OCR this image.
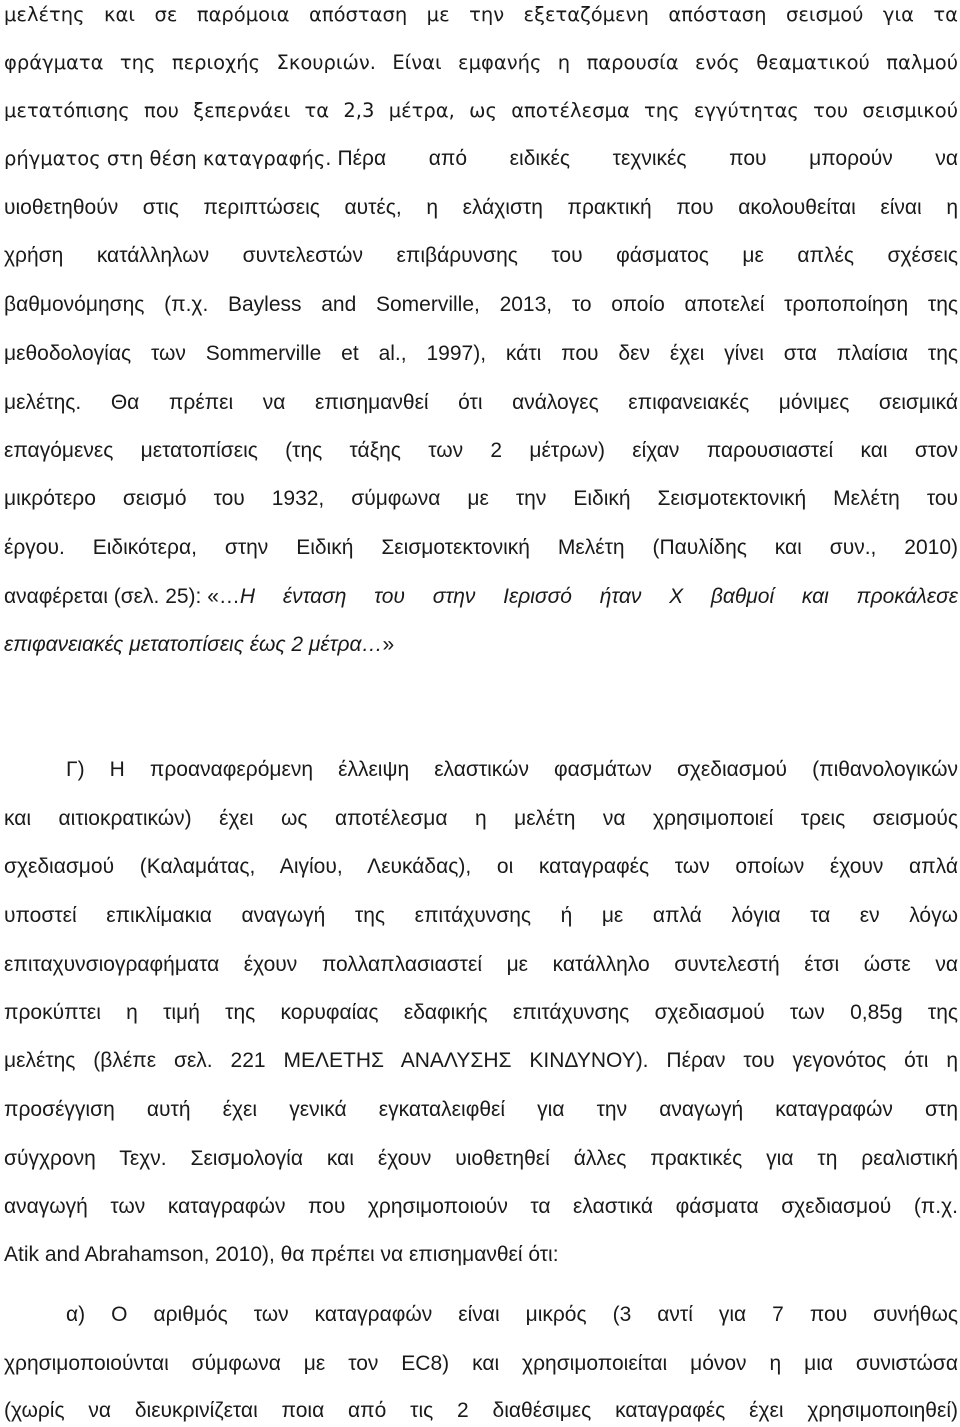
μελέτης και σε παρόμοια απόσταση με την εξεταζόμενη απόσταση σεισμού για τα
φράγματα της περιοχής Σκουριών. Είναι εμφανής η παρουσία ενός θεαματικού παλμού
μετατόπισης που ξεπερνάει τα 2,3 μέτρα, ως αποτέλεσμα της εγγύτητας του σεισμικού
ρήγματος στη θέση καταγραφής. Πέρα από ειδικές τεχνικές που μπορούν να
υιοθετηθούν στις περιπτώσεις αυτές, η ελάχιστη πρακτική που ακολουθείται είναι η
χρήση κατάλληλων συντελεστών επιβάρυνσης του φάσματος με απλές σχέσεις
βαθμονόμησης (π.χ. Bayless and Somerville, 2013, το οποίο αποτελεί τροποποίηση της
μεθοδολογίας των Sommerville et al., 1997), κάτι που δεν έχει γίνει στα πλαίσια της
μελέτης. Θα πρέπει να επισημανθεί ότι ανάλογες επιφανειακές μόνιμες σεισμικά
επαγόμενες μετατοπίσεις (της τάξης των 2 μέτρων) είχαν παρουσιαστεί και στον
μικρότερο σεισμό του 1932, σύμφωνα με την Ειδική Σεισμοτεκτονική Μελέτη του
έργου. Ειδικότερα, στην Ειδική Σεισμοτεκτονική Μελέτη (Παυλίδης και συν., 2010)
αναφέρεται (σελ. 25): «… Η ένταση του στην Ιερισσό ήταν Χ βαθμοί και προκάλεσε
επιφανειακές μετατοπίσεις έως 2 μέτρα…»
Γ) Η προαναφερόμενη έλλειψη ελαστικών φασμάτων σχεδιασμού (πιθανολογικών
και αιτιοκρατικών) έχει ως αποτέλεσμα η μελέτη να χρησιμοποιεί τρεις σεισμούς
σχεδιασμού (Καλαμάτας, Αιγίου, Λευκάδας), οι καταγραφές των οποίων έχουν απλά
υποστεί επικλίμακια αναγωγή της επιτάχυνσης ή με απλά λόγια τα εν λόγω
επιταχυνσιογραφήματα έχουν πολλαπλασιαστεί με κατάλληλο συντελεστή έτσι ώστε να
προκύπτει η τιμή της κορυφαίας εδαφικής επιτάχυνσης σχεδιασμού των 0,85g της
μελέτης (βλέπε σελ. 221 ΜΕΛΕΤΗΣ ΑΝΑΛΥΣΗΣ ΚΙΝΔΥΝΟΥ). Πέραν του γεγονότος ότι η
προσέγγιση αυτή έχει γενικά εγκαταλειφθεί για την αναγωγή καταγραφών στη
σύγχρονη Τεχν. Σεισμολογία και έχουν υιοθετηθεί άλλες πρακτικές για τη ρεαλιστική
αναγωγή των καταγραφών που χρησιμοποιούν τα ελαστικά φάσματα σχεδιασμού (π.χ.
Atik and Abrahamson, 2010), θα πρέπει να επισημανθεί ότι:
α) Ο αριθμός των καταγραφών είναι μικρός (3 αντί για 7 που συνήθως
χρησιμοποιούνται σύμφωνα με τον EC8) και χρησιμοποιείται μόνον η μια συνιστώσα
(χωρίς να διευκρινίζεται ποια από τις 2 διαθέσιμες καταγραφές έχει χρησιμοποιηθεί)
